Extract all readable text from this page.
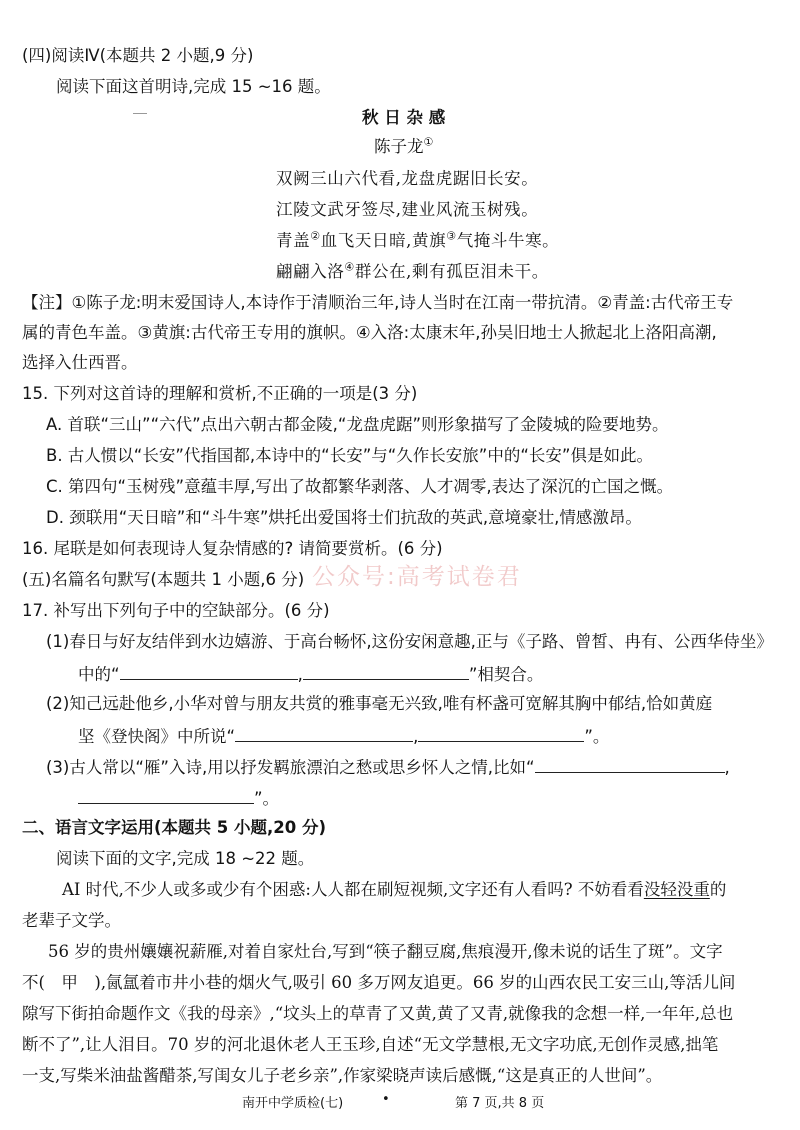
(四)阅读Ⅳ(本题共 2 小题,9 分)
阅读下面这首明诗,完成 15 ~16 题。
秋 日 杂 感
陈子龙①
双阙三山六代看,龙盘虎踞旧长安。
江陵文武牙签尽,建业风流玉树残。
青盖②血飞天日暗,黄旗③气掩斗牛寒。
翩翩入洛④群公在,剩有孤臣泪未干。
【注】①陈子龙:明末爱国诗人,本诗作于清顺治三年,诗人当时在江南一带抗清。②青盖:古代帝王专
属的青色车盖。③黄旗:古代帝王专用的旗帜。④入洛:太康末年,孙吴旧地士人掀起北上洛阳高潮,
选择入仕西晋。
15. 下列对这首诗的理解和赏析,不正确的一项是(3 分)
A. 首联“三山”“六代”点出六朝古都金陵,“龙盘虎踞”则形象描写了金陵城的险要地势。
B. 古人惯以“长安”代指国都,本诗中的“长安”与“久作长安旅”中的“长安”俱是如此。
C. 第四句“玉树残”意蕴丰厚,写出了故都繁华剥落、人才凋零,表达了深沉的亡国之慨。
D. 颈联用“天日暗”和“斗牛寒”烘托出爱国将士们抗敌的英武,意境豪壮,情感激昂。
16. 尾联是如何表现诗人复杂情感的? 请简要赏析。(6 分)
公众号:高考试卷君
(五)名篇名句默写(本题共 1 小题,6 分)
17. 补写出下列句子中的空缺部分。(6 分)
(1)春日与好友结伴到水边嬉游、于高台畅怀,这份安闲意趣,正与《子路、曾皙、冉有、公西华侍坐》
中的“	,	”相契合。
(2)知己远赴他乡,小华对曾与朋友共赏的雅事毫无兴致,唯有杯盏可宽解其胸中郁结,恰如黄庭
坚《登快阁》中所说“	,	”。
(3)古人常以“雁”入诗,用以抒发羁旅漂泊之愁或思乡怀人之情,比如“	,
”。
二、语言文字运用(本题共 5 小题,20 分)
阅读下面的文字,完成 18 ~22 题。
AI 时代,不少人或多或少有个困惑:人人都在刷短视频,文字还有人看吗? 不妨看看没轻没重的
老辈子文学。
56 岁的贵州孃孃祝薪雁,对着自家灶台,写到“筷子翻豆腐,焦痕漫开,像未说的话生了斑”。文字
不(　甲　),氤氲着市井小巷的烟火气,吸引 60 多万网友追更。66 岁的山西农民工安三山,等活儿间
隙写下街拍命题作文《我的母亲》,“坟头上的草青了又黄,黄了又青,就像我的念想一样,一年年,总也
断不了”,让人泪目。70 岁的河北退休老人王玉珍,自述“无文学慧根,无文字功底,无创作灵感,拙笔
一支,写柴米油盐酱醋茶,写闺女儿子老乡亲”,作家梁晓声读后感慨,“这是真正的人世间”。
南开中学质检(七)	•	第 7 页,共 8 页
